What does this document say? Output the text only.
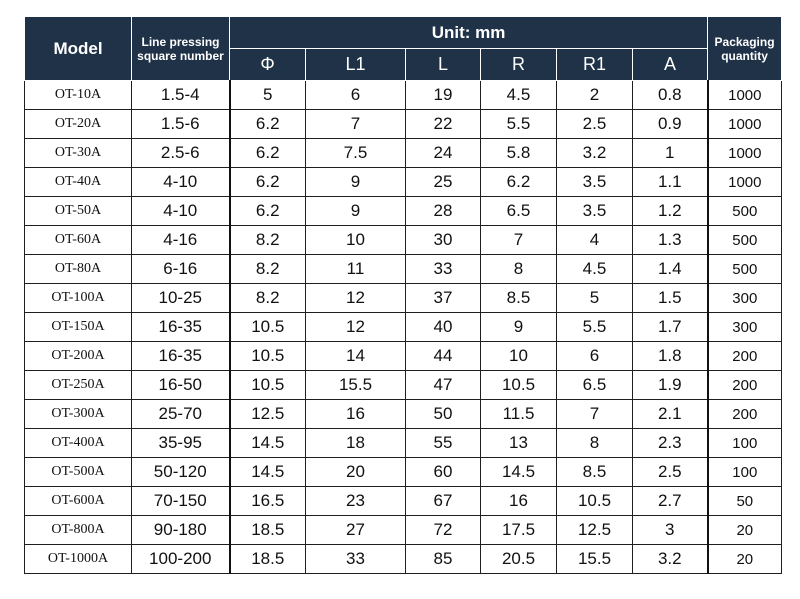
Model	Line pressing square number	Unit: mm						Packaging quantity
		Φ	L1	L	R	R1	A	
OT-10A	1.5-4	5	6	19	4.5	2	0.8	1000
OT-20A	1.5-6	6.2	7	22	5.5	2.5	0.9	1000
OT-30A	2.5-6	6.2	7.5	24	5.8	3.2	1	1000
OT-40A	4-10	6.2	9	25	6.2	3.5	1.1	1000
OT-50A	4-10	6.2	9	28	6.5	3.5	1.2	500
OT-60A	4-16	8.2	10	30	7	4	1.3	500
OT-80A	6-16	8.2	11	33	8	4.5	1.4	500
OT-100A	10-25	8.2	12	37	8.5	5	1.5	300
OT-150A	16-35	10.5	12	40	9	5.5	1.7	300
OT-200A	16-35	10.5	14	44	10	6	1.8	200
OT-250A	16-50	10.5	15.5	47	10.5	6.5	1.9	200
OT-300A	25-70	12.5	16	50	11.5	7	2.1	200
OT-400A	35-95	14.5	18	55	13	8	2.3	100
OT-500A	50-120	14.5	20	60	14.5	8.5	2.5	100
OT-600A	70-150	16.5	23	67	16	10.5	2.7	50
OT-800A	90-180	18.5	27	72	17.5	12.5	3	20
OT-1000A	100-200	18.5	33	85	20.5	15.5	3.2	20
